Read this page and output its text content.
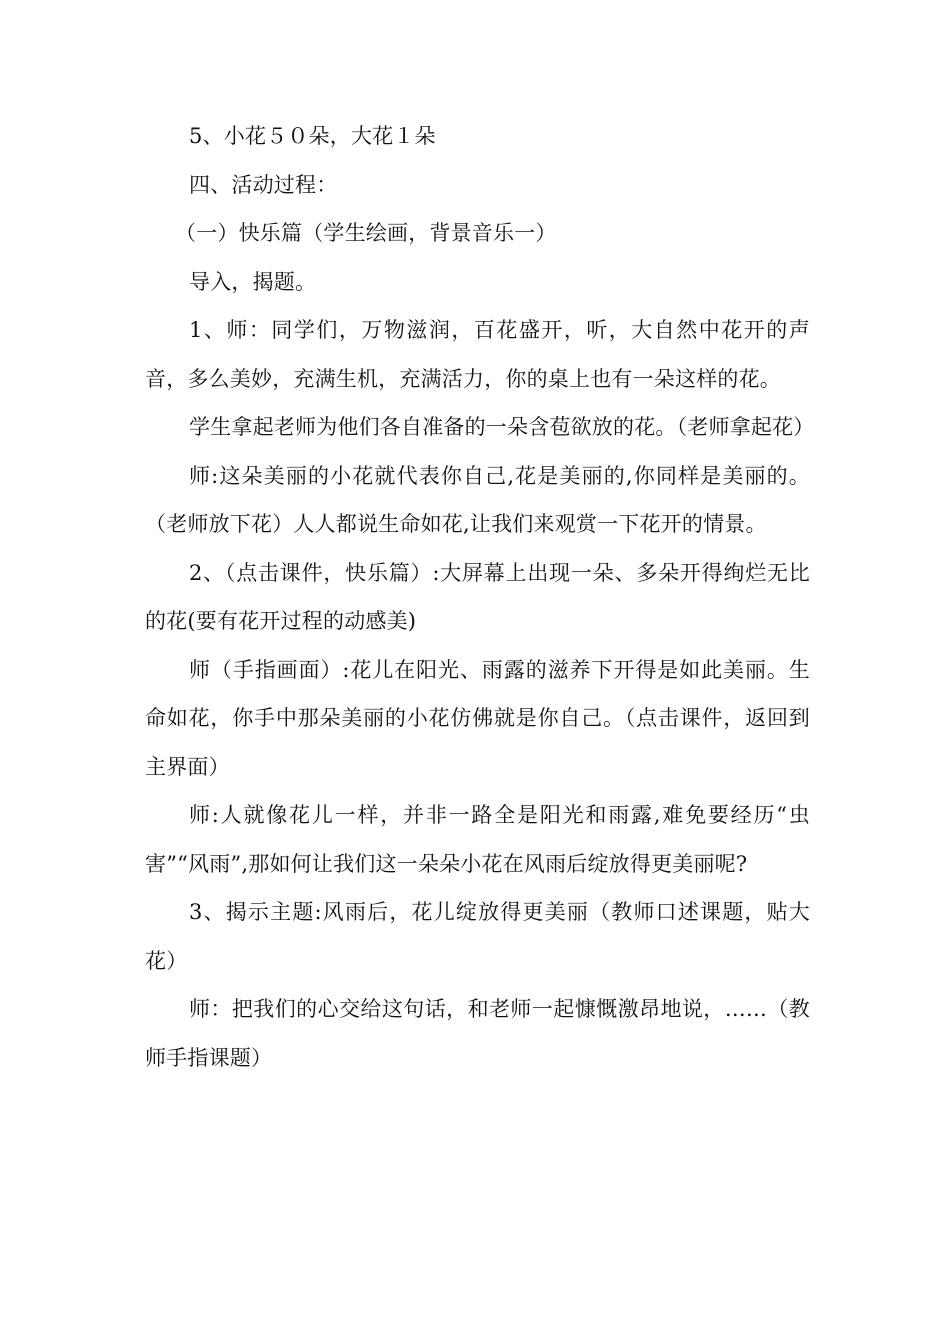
5、小花５０朵，大花１朵

四、活动过程：

（一）快乐篇（学生绘画，背景音乐一）

导入，揭题。

1、师：同学们，万物滋润，百花盛开，听，大自然中花开的声音，多么美妙，充满生机，充满活力，你的桌上也有一朵这样的花。

学生拿起老师为他们各自准备的一朵含苞欲放的花。（老师拿起花）

师:这朵美丽的小花就代表你自己,花是美丽的,你同样是美丽的。（老师放下花）人人都说生命如花,让我们来观赏一下花开的情景。

2、（点击课件，快乐篇）:大屏幕上出现一朵、多朵开得绚烂无比的花(要有花开过程的动感美)

师（手指画面）:花儿在阳光、雨露的滋养下开得是如此美丽。生命如花，你手中那朵美丽的小花仿佛就是你自己。（点击课件，返回到主界面）

师:人就像花儿一样，并非一路全是阳光和雨露,难免要经历“虫害”“风雨”,那如何让我们这一朵朵小花在风雨后绽放得更美丽呢?

3、揭示主题:风雨后，花儿绽放得更美丽（教师口述课题，贴大花）

师：把我们的心交给这句话，和老师一起慷慨激昂地说，……（教师手指课题）
